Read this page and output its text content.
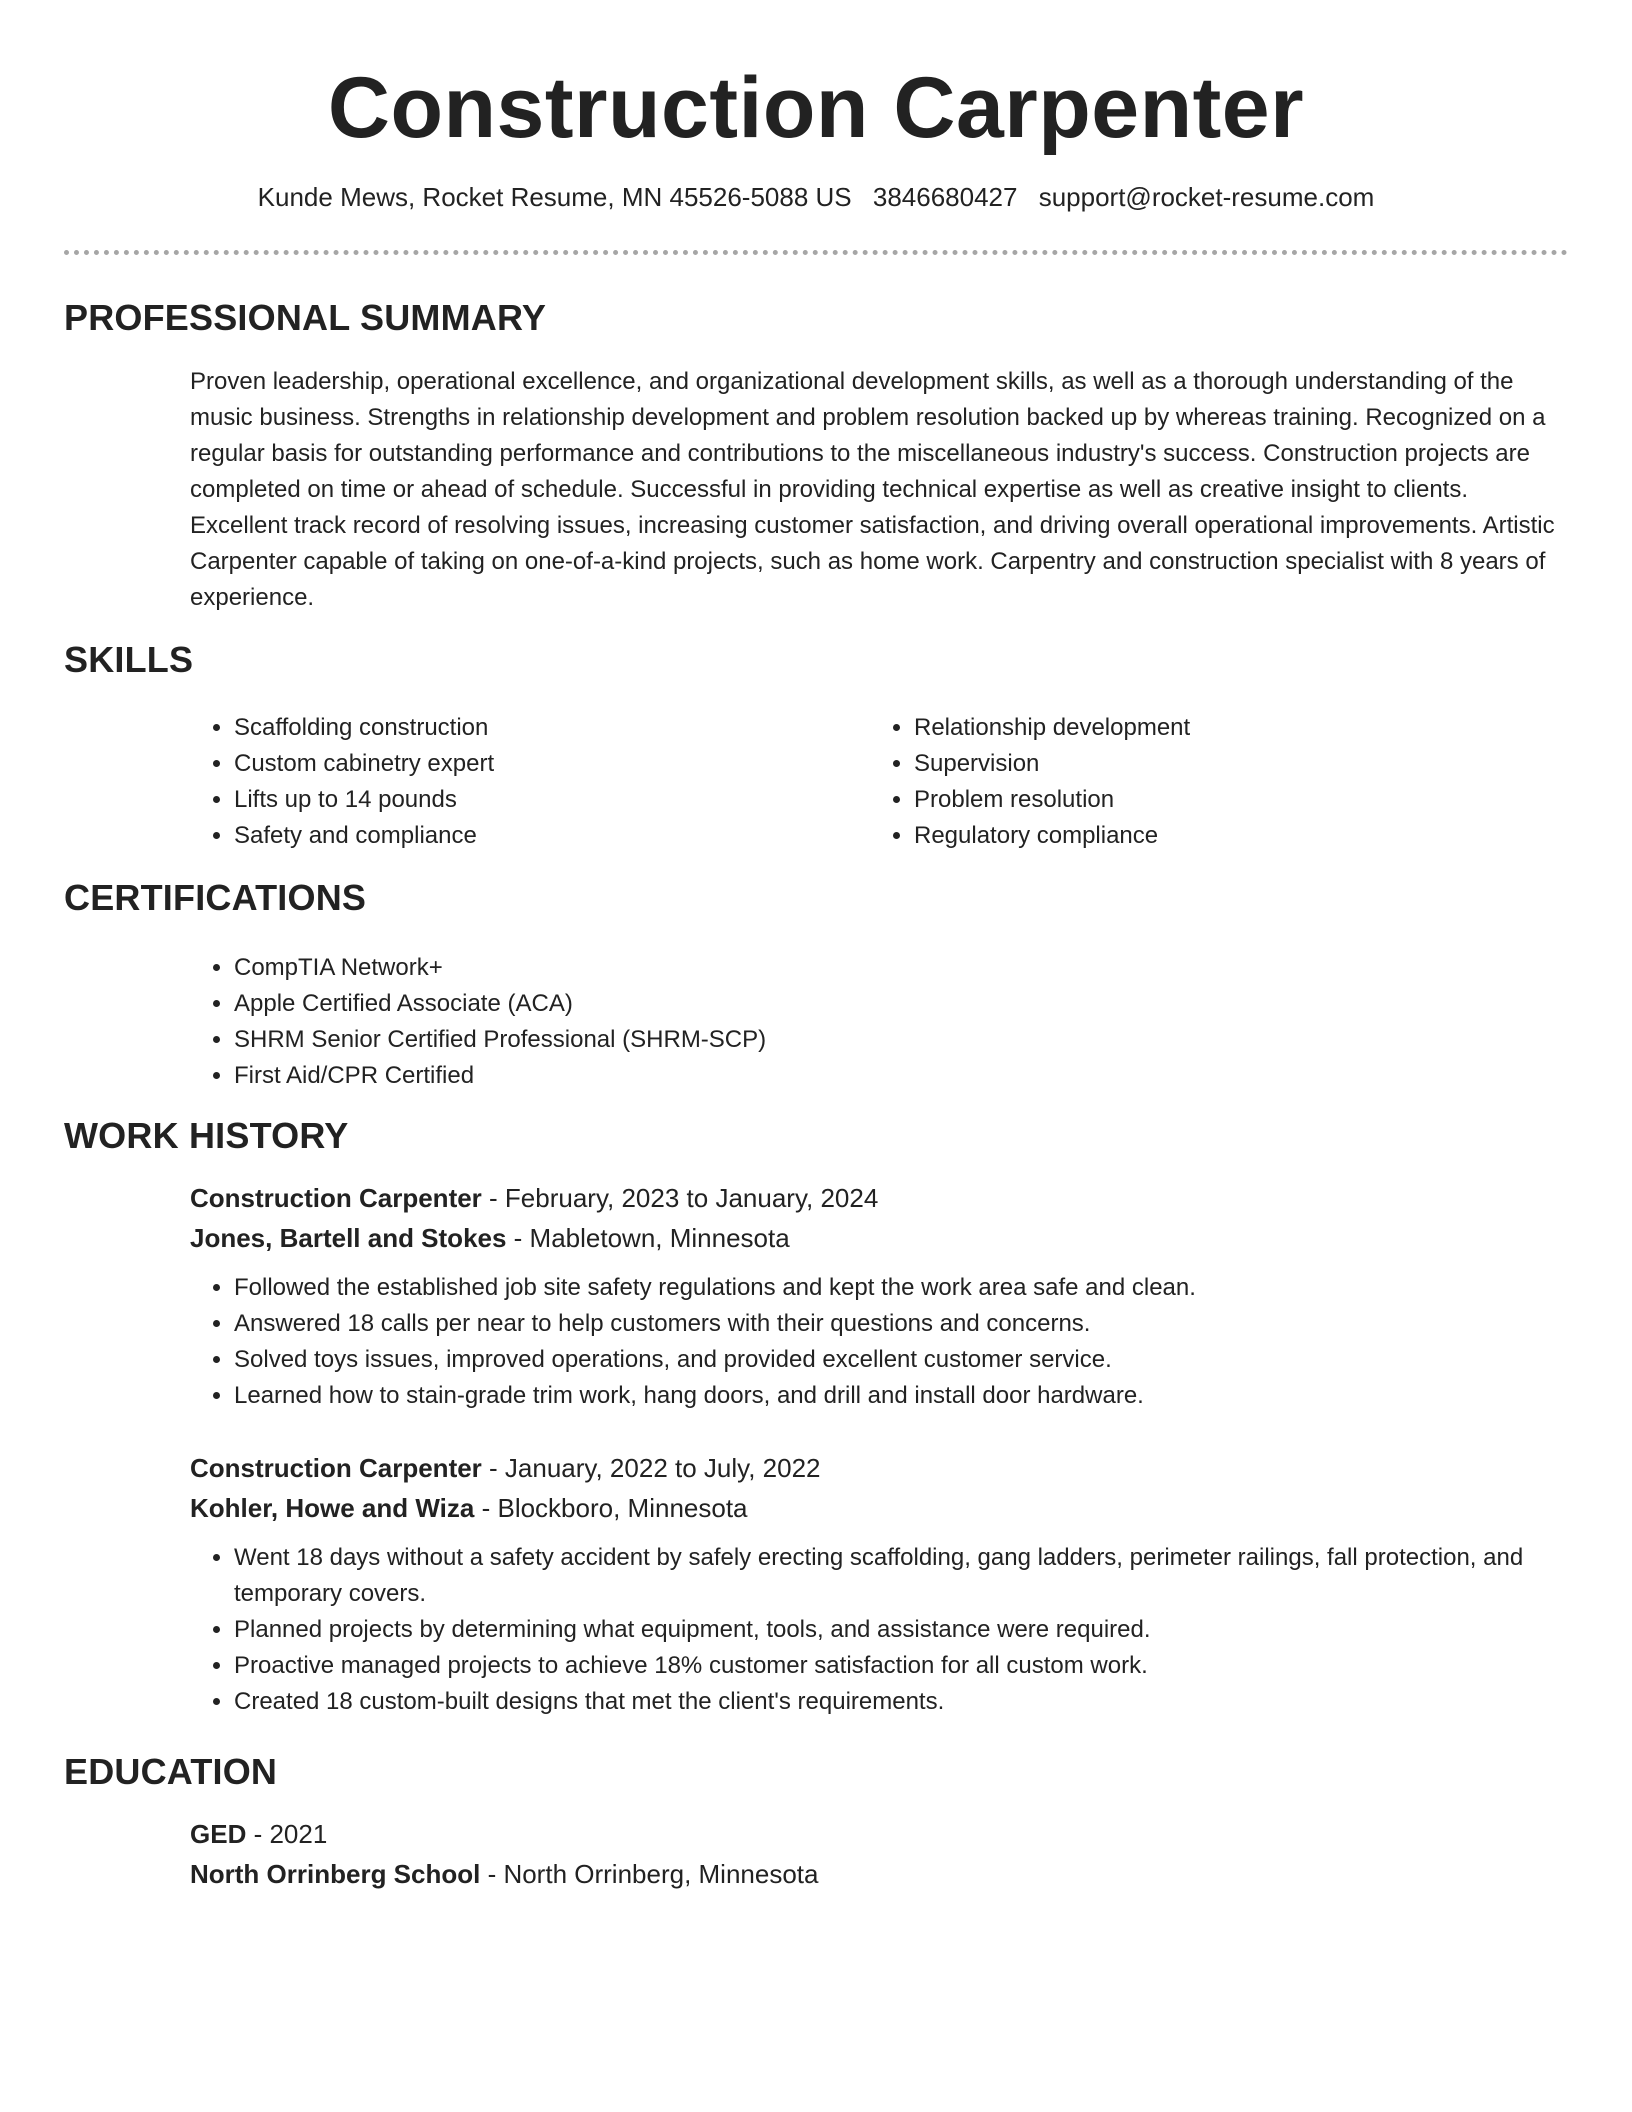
Construction Carpenter
Kunde Mews, Rocket Resume, MN 45526-5088 US 3846680427 support@rocket-resume.com
PROFESSIONAL SUMMARY

Proven leadership, operational excellence, and organizational development skills, as well as a thorough understanding of the music business. Strengths in relationship development and problem resolution backed up by whereas training. Recognized on a regular basis for outstanding performance and contributions to the miscellaneous industry's success. Construction projects are completed on time or ahead of schedule. Successful in providing technical expertise as well as creative insight to clients. Excellent track record of resolving issues, increasing customer satisfaction, and driving overall operational improvements. Artistic Carpenter capable of taking on one-of-a-kind projects, such as home work. Carpentry and construction specialist with 8 years of experience.

SKILLS
• Scaffolding construction
• Custom cabinetry expert
• Lifts up to 14 pounds
• Safety and compliance
• Relationship development
• Supervision
• Problem resolution
• Regulatory compliance
CERTIFICATIONS
• CompTIA Network+
• Apple Certified Associate (ACA)
• SHRM Senior Certified Professional (SHRM-SCP)
• First Aid/CPR Certified
WORK HISTORY

Construction Carpenter - February, 2023 to January, 2024

Jones, Bartell and Stokes - Mabletown, Minnesota

• Followed the established job site safety regulations and kept the work area safe and clean.
• Answered 18 calls per near to help customers with their questions and concerns.
• Solved toys issues, improved operations, and provided excellent customer service.
• Learned how to stain-grade trim work, hang doors, and drill and install door hardware.

Construction Carpenter - January, 2022 to July, 2022

Kohler, Howe and Wiza - Blockboro, Minnesota

• Went 18 days without a safety accident by safely erecting scaffolding, gang ladders, perimeter railings, fall protection, and temporary covers.
• Planned projects by determining what equipment, tools, and assistance were required.
• Proactive managed projects to achieve 18% customer satisfaction for all custom work.
• Created 18 custom-built designs that met the client's requirements.
EDUCATION

GED - 2021

North Orrinberg School - North Orrinberg, Minnesota
